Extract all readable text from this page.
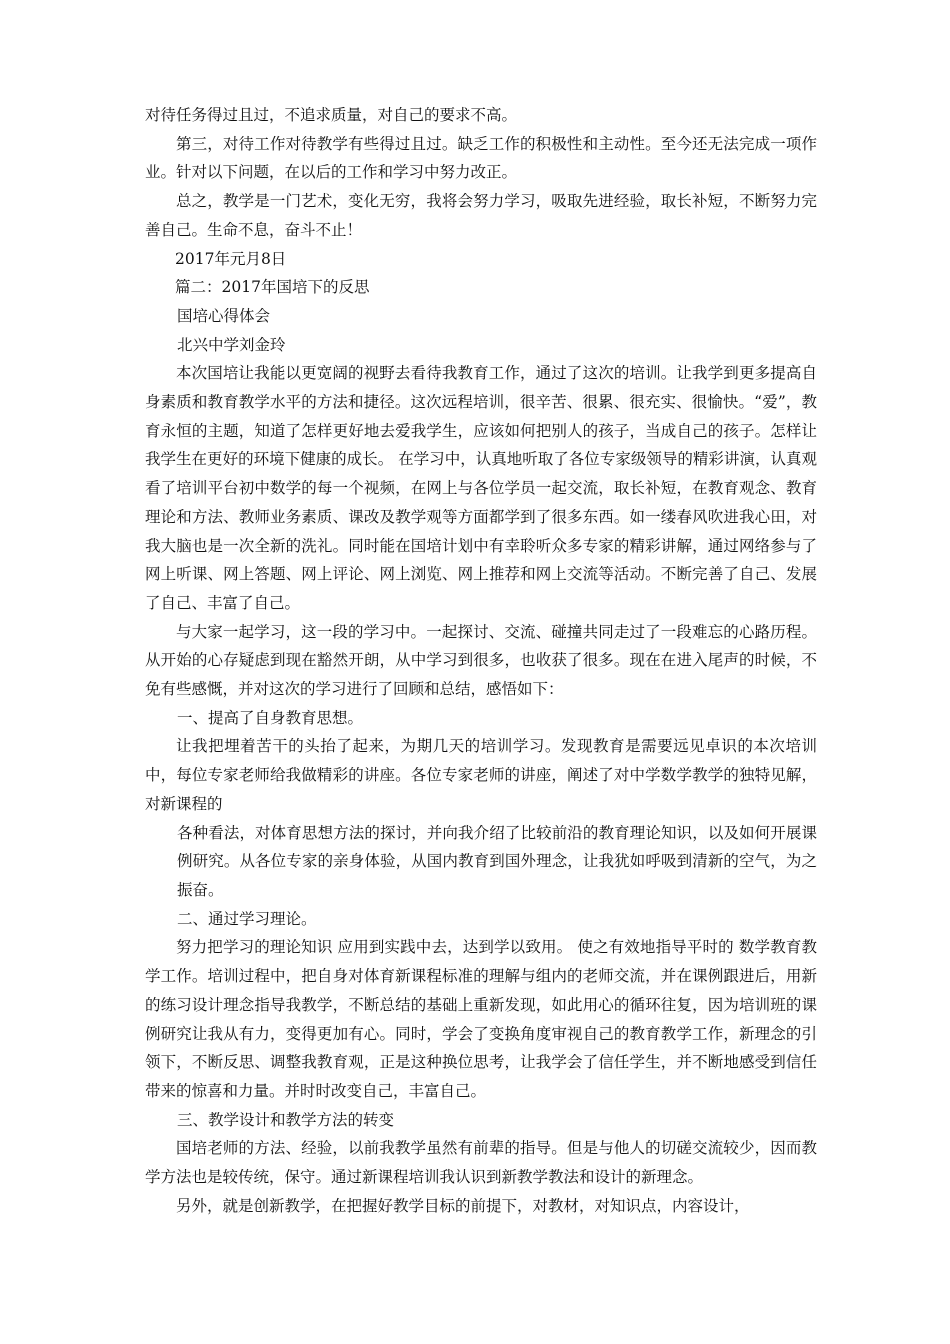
对待任务得过且过，不追求质量，对自己的要求不高。

第三，对待工作对待教学有些得过且过。缺乏工作的积极性和主动性。至今还无法完成一项作业。针对以下问题，在以后的工作和学习中努力改正。

总之，教学是一门艺术，变化无穷，我将会努力学习，吸取先进经验，取长补短，不断努力完善自己。生命不息，奋斗不止！

2017年元月8日

篇二：2017年国培下的反思

国培心得体会

北兴中学刘金玲

本次国培让我能以更宽阔的视野去看待我教育工作，通过了这次的培训。让我学到更多提高自身素质和教育教学水平的方法和捷径。这次远程培训，很辛苦、很累、很充实、很愉快。“爱”，教育永恒的主题，知道了怎样更好地去爱我学生，应该如何把别人的孩子，当成自己的孩子。怎样让我学生在更好的环境下健康的成长。 在学习中，认真地听取了各位专家级领导的精彩讲演，认真观看了培训平台初中数学的每一个视频，在网上与各位学员一起交流，取长补短，在教育观念、教育理论和方法、教师业务素质、课改及教学观等方面都学到了很多东西。如一缕春风吹进我心田，对我大脑也是一次全新的洗礼。同时能在国培计划中有幸聆听众多专家的精彩讲解，通过网络参与了网上听课、网上答题、网上评论、网上浏览、网上推荐和网上交流等活动。不断完善了自己、发展了自己、丰富了自己。

与大家一起学习，这一段的学习中。一起探讨、交流、碰撞共同走过了一段难忘的心路历程。从开始的心存疑虑到现在豁然开朗，从中学习到很多，也收获了很多。现在在进入尾声的时候，不免有些感慨，并对这次的学习进行了回顾和总结，感悟如下：

一、提高了自身教育思想。

让我把埋着苦干的头抬了起来，为期几天的培训学习。发现教育是需要远见卓识的本次培训中，每位专家老师给我做精彩的讲座。各位专家老师的讲座，阐述了对中学数学教学的独特见解，对新课程的

各种看法，对体育思想方法的探讨，并向我介绍了比较前沿的教育理论知识，以及如何开展课例研究。从各位专家的亲身体验，从国内教育到国外理念，让我犹如呼吸到清新的空气，为之振奋。

二、通过学习理论。

努力把学习的理论知识 应用到实践中去，达到学以致用。 使之有效地指导平时的 数学教育教学工作。培训过程中，把自身对体育新课程标准的理解与组内的老师交流，并在课例跟进后，用新的练习设计理念指导我教学，不断总结的基础上重新发现，如此用心的循环往复，因为培训班的课例研究让我从有力，变得更加有心。同时，学会了变换角度审视自己的教育教学工作，新理念的引领下，不断反思、调整我教育观，正是这种换位思考，让我学会了信任学生，并不断地感受到信任带来的惊喜和力量。并时时改变自己，丰富自己。

三、教学设计和教学方法的转变

国培老师的方法、经验，以前我教学虽然有前辈的指导。但是与他人的切磋交流较少，因而教学方法也是较传统，保守。通过新课程培训我认识到新教学教法和设计的新理念。

另外，就是创新教学，在把握好教学目标的前提下，对教材，对知识点，内容设计，
